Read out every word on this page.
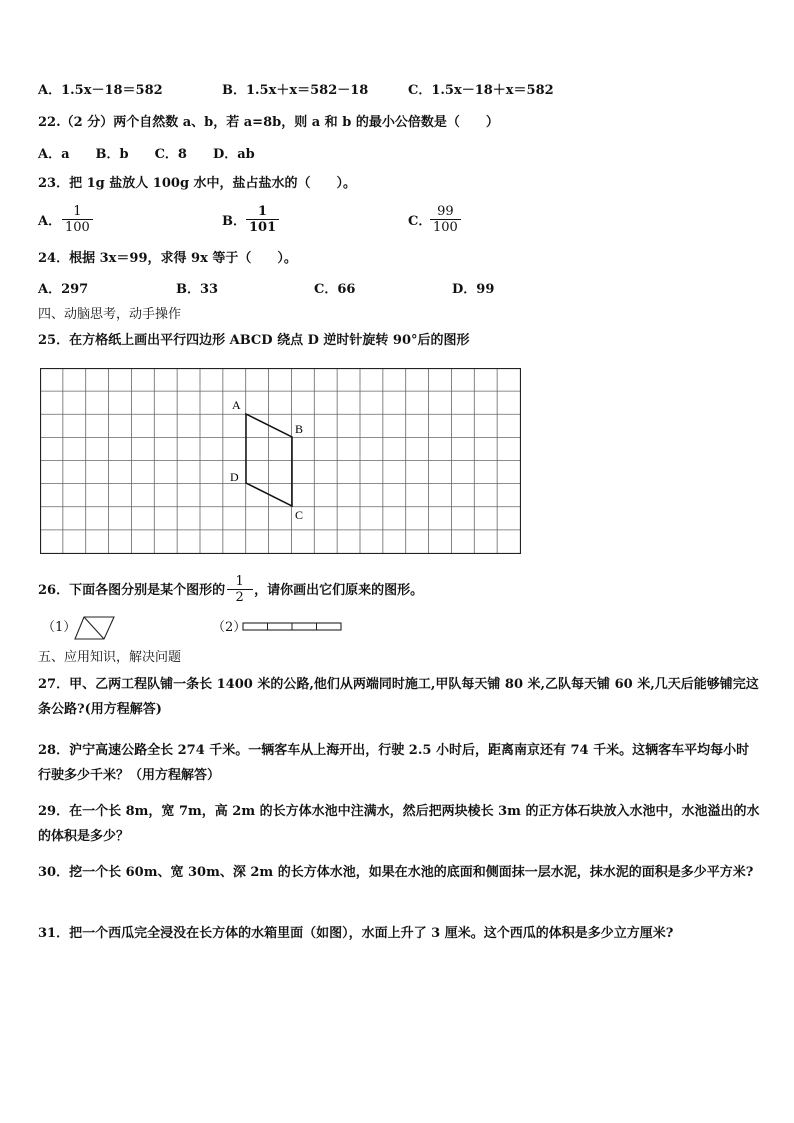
A．1.5x－18＝582	B．1.5x＋x＝582－18	C．1.5x－18＋x＝582
22.（2 分）两个自然数 a、b，若 a=8b，则 a 和 b 的最小公倍数是（　　）
A．a　　B．b　　C．8　　D．ab
23．把 1g 盐放人 100g 水中，盐占盐水的（　　）。
A．
1
100	B．
1
101	C．
99
100
24．根据 3x＝99，求得 9x 等于（　　）。
A．297	B．33	C．66	D．99
四、动脑思考，动手操作
25．在方格纸上画出平行四边形 ABCD 绕点 D 逆时针旋转 90°后的图形
A
B
C
D
26．下面各图分别是某个图形的 $\frac{1}{2}$ ，请你画出它们原来的图形。
（1）	（2）
五、应用知识，解决问题
27．甲、乙两工程队铺一条长 1400 米的公路,他们从两端同时施工,甲队每天铺 80 米,乙队每天铺 60 米,几天后能够铺完这条公路?(用方程解答)
28．沪宁高速公路全长 274 千米。一辆客车从上海开出，行驶 2.5 小时后，距离南京还有 74 千米。这辆客车平均每小时行驶多少千米？（用方程解答）
29．在一个长 8m，宽 7m，高 2m 的长方体水池中注满水，然后把两块棱长 3m 的正方体石块放入水池中，水池溢出的水的体积是多少？
30．挖一个长 60m、宽 30m、深 2m 的长方体水池，如果在水池的底面和侧面抹一层水泥，抹水泥的面积是多少平方米?
31．把一个西瓜完全浸没在长方体的水箱里面（如图），水面上升了 3 厘米。这个西瓜的体积是多少立方厘米?
